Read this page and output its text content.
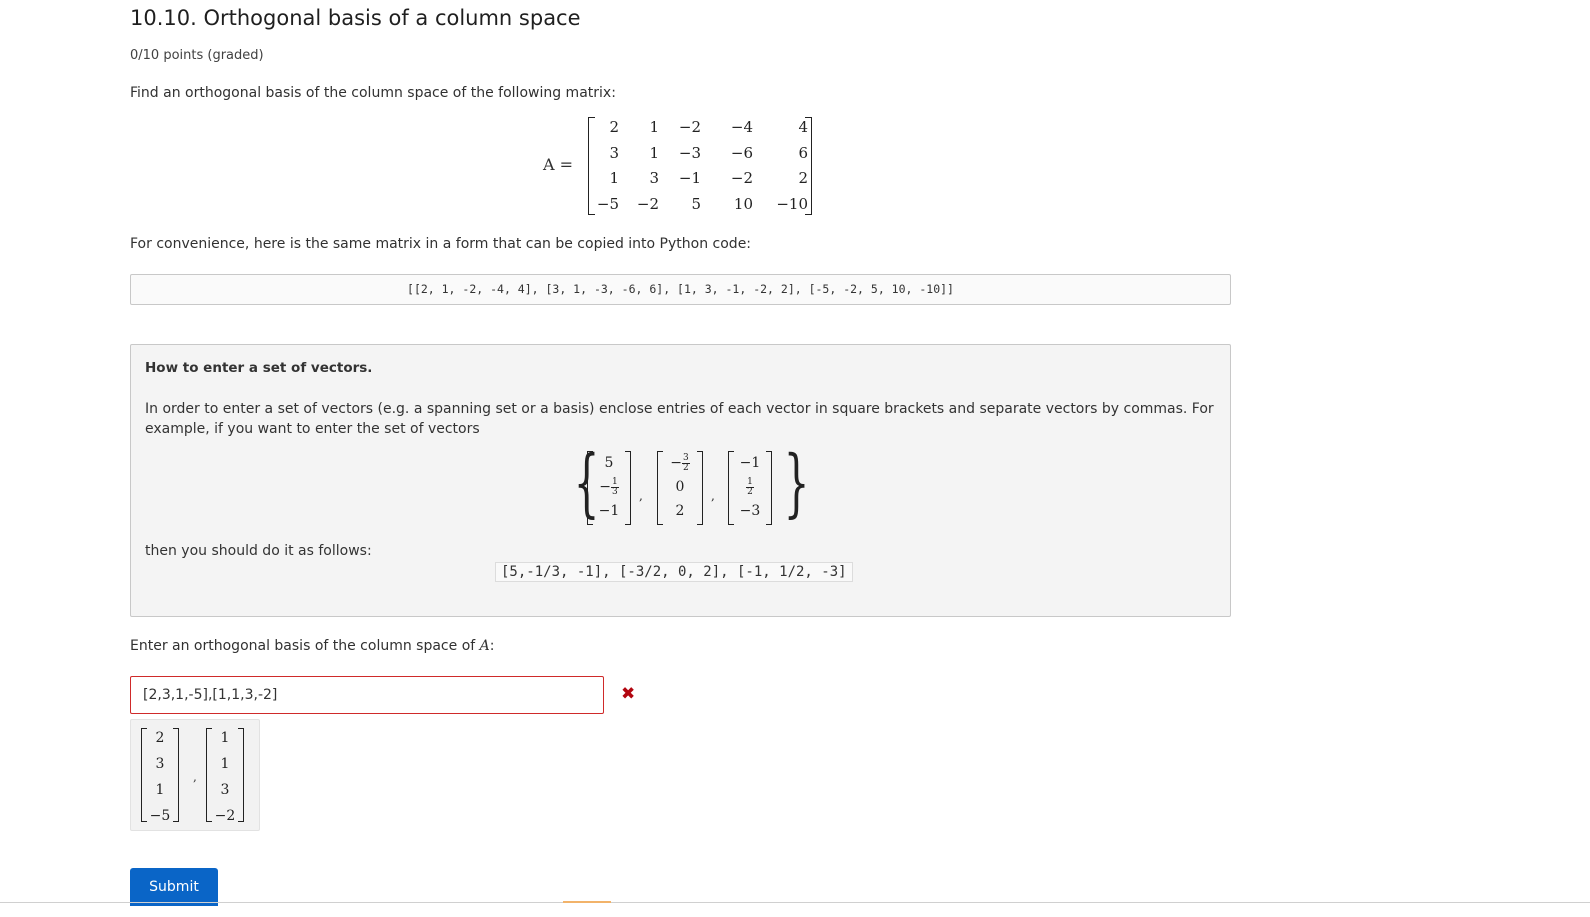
10.10. Orthogonal basis of a column space
0/10 points (graded)
Find an orthogonal basis of the column space of the following matrix:
A =
2	1	−2	−4	4
3	1	−3	−6	6
1	3	−1	−2	2
−5	−2	5	10	−10
For convenience, here is the same matrix in a form that can be copied into Python code:
[[2, 1, -2, -4, 4], [3, 1, -3, -6, 6], [1, 3, -1, -2, 2], [-5, -2, 5, 10, -10]]
How to enter a set of vectors.
In order to enter a set of vectors (e.g. a spanning set or a basis) enclose entries of each vector in square brackets and separate vectors by commas. For example, if you want to enter the set of vectors
{ 5
− $\frac{1}{3}$
−1
,
− $\frac{3}{2}$
0
2
,
−1
$\frac{1}{2}$
−3 }
then you should do it as follows:
[5,-1/3, -1], [-3/2, 0, 2], [-1, 1/2, -3]
Enter an orthogonal basis of the column space of A:
[2,3,1,-5],[1,1,3,-2]
✖
2
3
1
−5
,
1
1
3
−2
Submit
